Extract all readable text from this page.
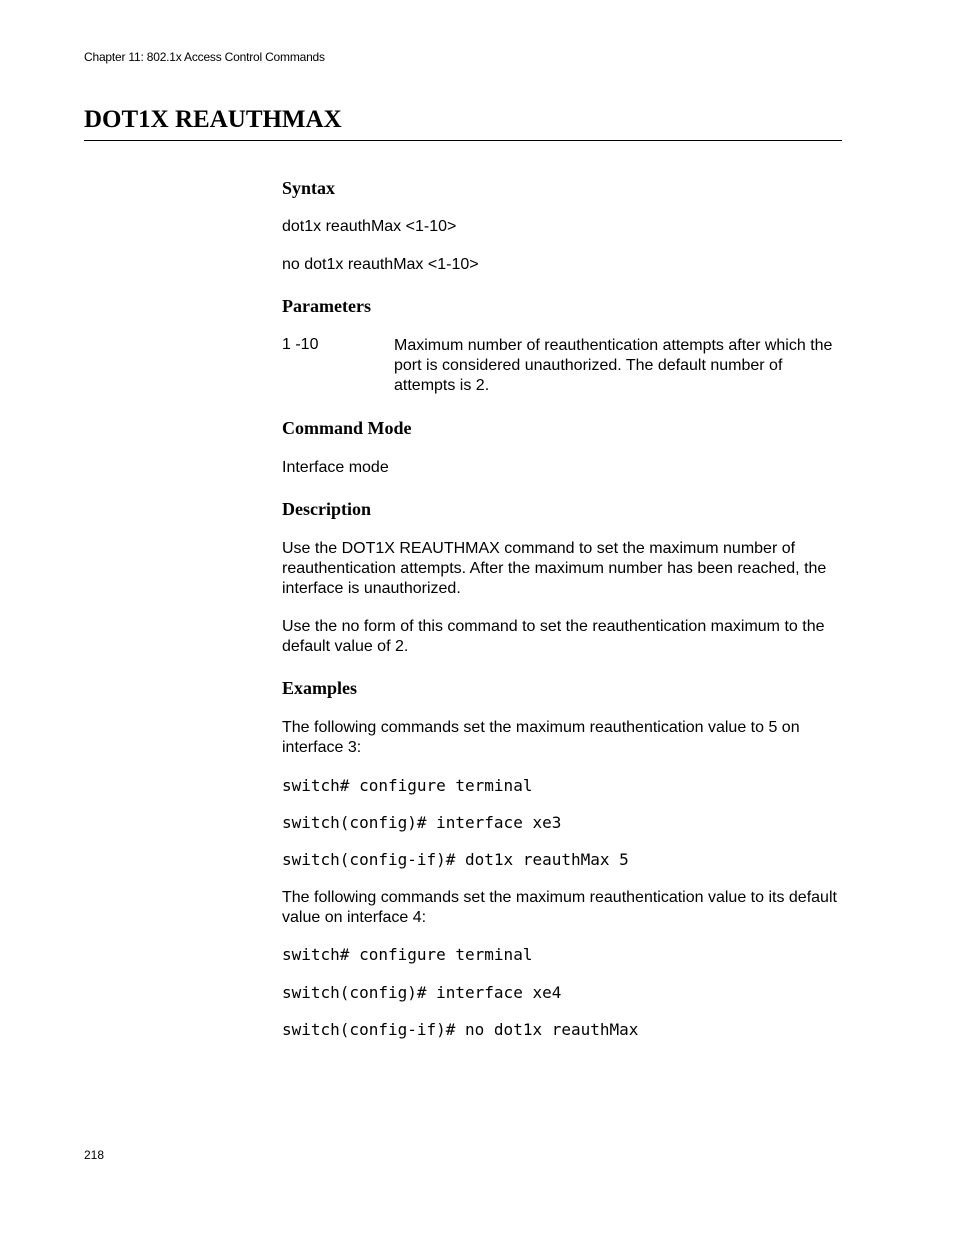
Chapter 11: 802.1x Access Control Commands
DOT1X REAUTHMAX
Syntax
dot1x reauthMax <1-10>
no dot1x reauthMax <1-10>
Parameters
1 -10	Maximum number of reauthentication attempts after which the port is considered unauthorized. The default number of attempts is 2.
Command Mode
Interface mode
Description
Use the DOT1X REAUTHMAX command to set the maximum number of reauthentication attempts. After the maximum number has been reached, the interface is unauthorized.
Use the no form of this command to set the reauthentication maximum to the default value of 2.
Examples
The following commands set the maximum reauthentication value to 5 on interface 3:
switch# configure terminal
switch(config)# interface xe3
switch(config-if)# dot1x reauthMax 5
The following commands set the maximum reauthentication value to its default value on interface 4:
switch# configure terminal
switch(config)# interface xe4
switch(config-if)# no dot1x reauthMax
218
